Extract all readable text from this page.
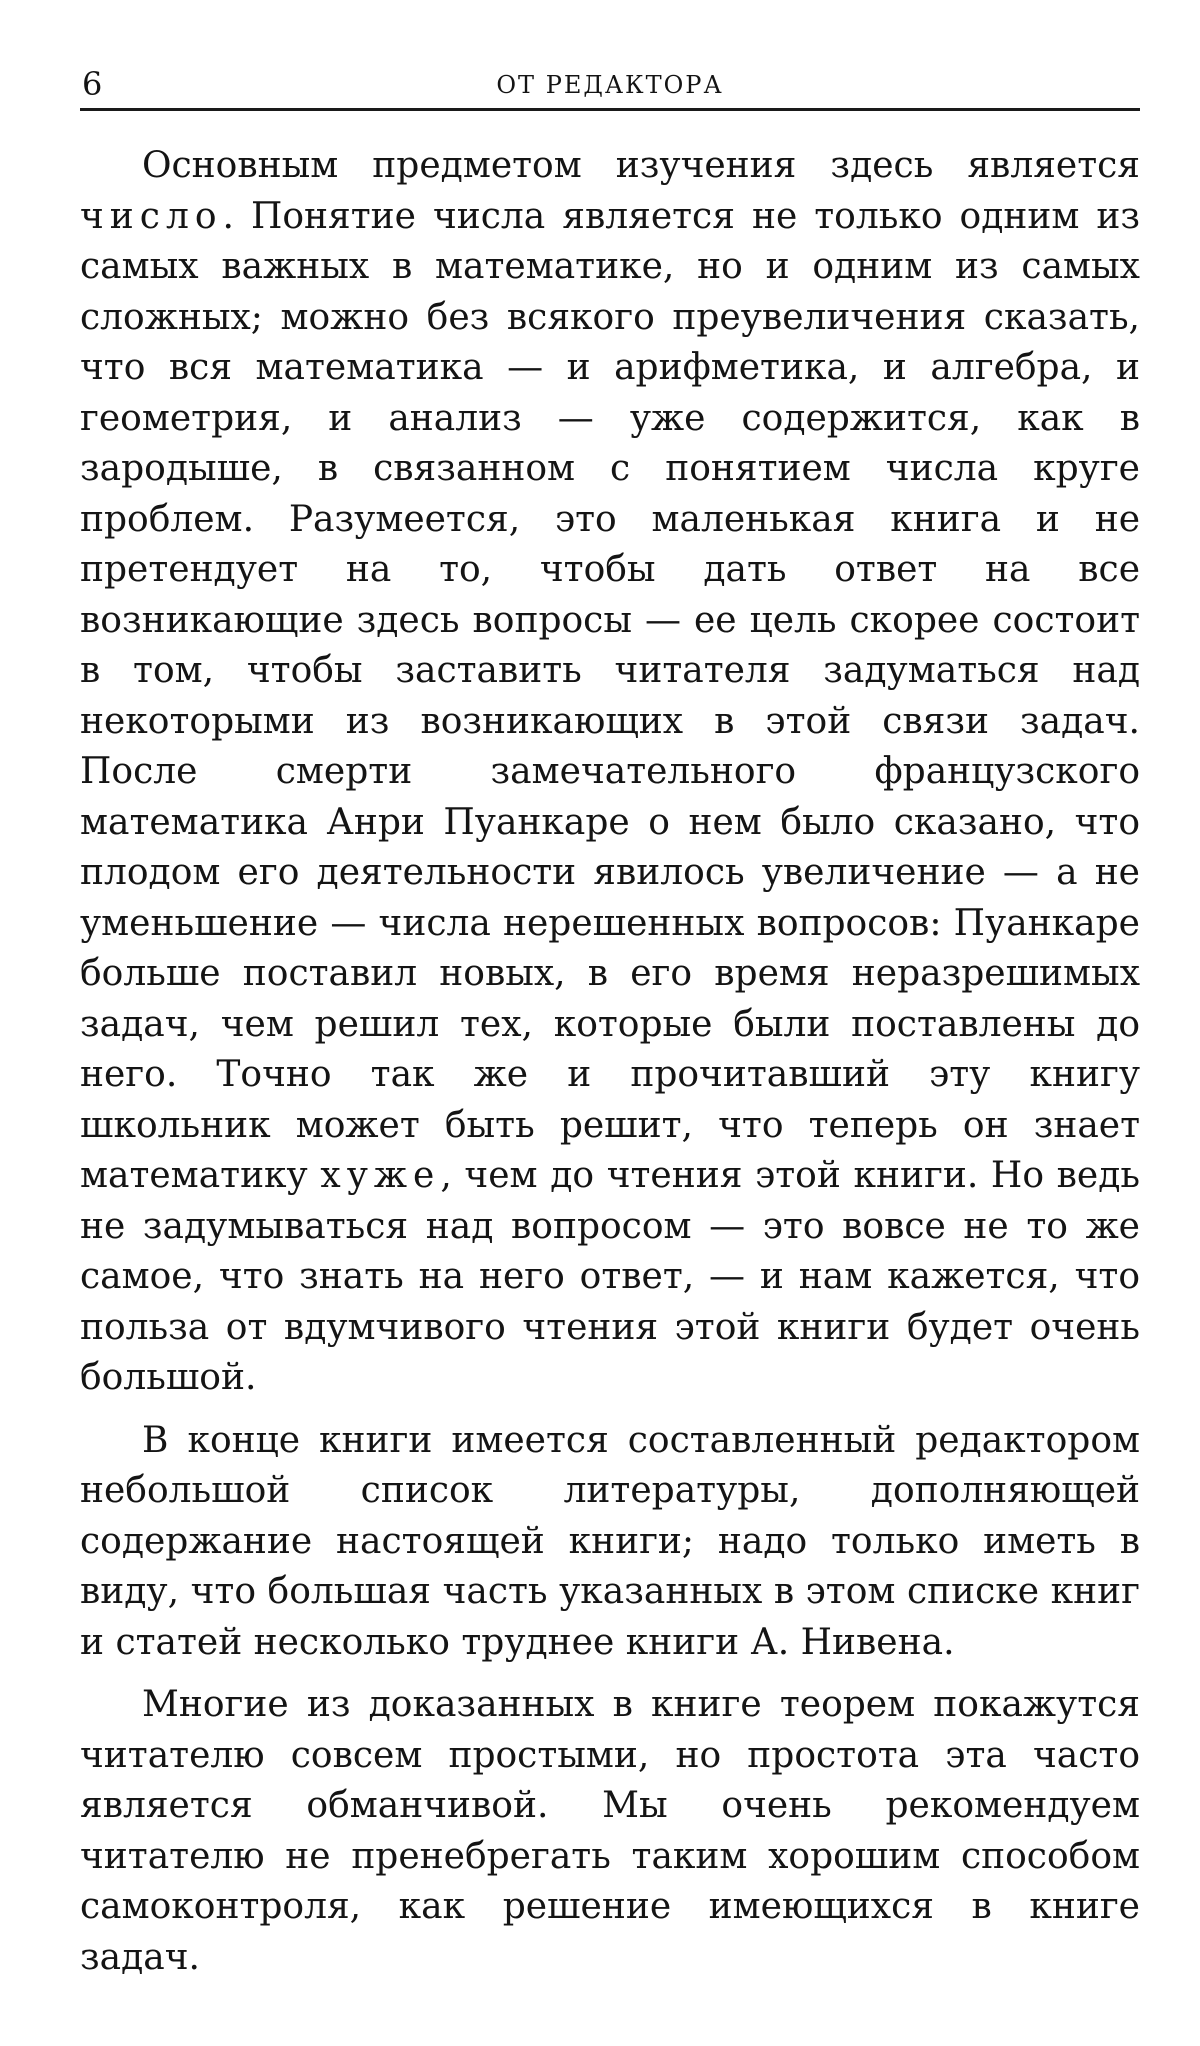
6	ОТ РЕДАКТОРА

Основным предметом изучения здесь является число. Понятие числа является не только одним из самых важных в математике, но и одним из самых сложных; можно без всякого преувеличения сказать, что вся математика — и арифметика, и алгебра, и геометрия, и анализ — уже содержится, как в зародыше, в связанном с понятием числа круге проблем. Разумеется, это маленькая книга и не претендует на то, чтобы дать ответ на все возникающие здесь вопросы — ее цель скорее состоит в том, чтобы заставить читателя задуматься над некоторыми из возникающих в этой связи задач. После смерти замечательного французского математика Анри Пуанкаре о нем было сказано, что плодом его деятельности явилось увеличение — а не уменьшение — числа нерешенных вопросов: Пуанкаре больше поставил новых, в его время неразрешимых задач, чем решил тех, которые были поставлены до него. Точно так же и прочитавший эту книгу школьник может быть решит, что теперь он знает математику хуже, чем до чтения этой книги. Но ведь не задумываться над вопросом — это вовсе не то же самое, что знать на него ответ, — и нам кажется, что польза от вдумчивого чтения этой книги будет очень большой.

В конце книги имеется составленный редактором небольшой список литературы, дополняющей содержание настоящей книги; надо только иметь в виду, что большая часть указанных в этом списке книг и статей несколько труднее книги А. Нивена.

Многие из доказанных в книге теорем покажутся читателю совсем простыми, но простота эта часто является обманчивой. Мы очень рекомендуем читателю не пренебрегать таким хорошим способом самоконтроля, как решение имеющихся в книге задач.
